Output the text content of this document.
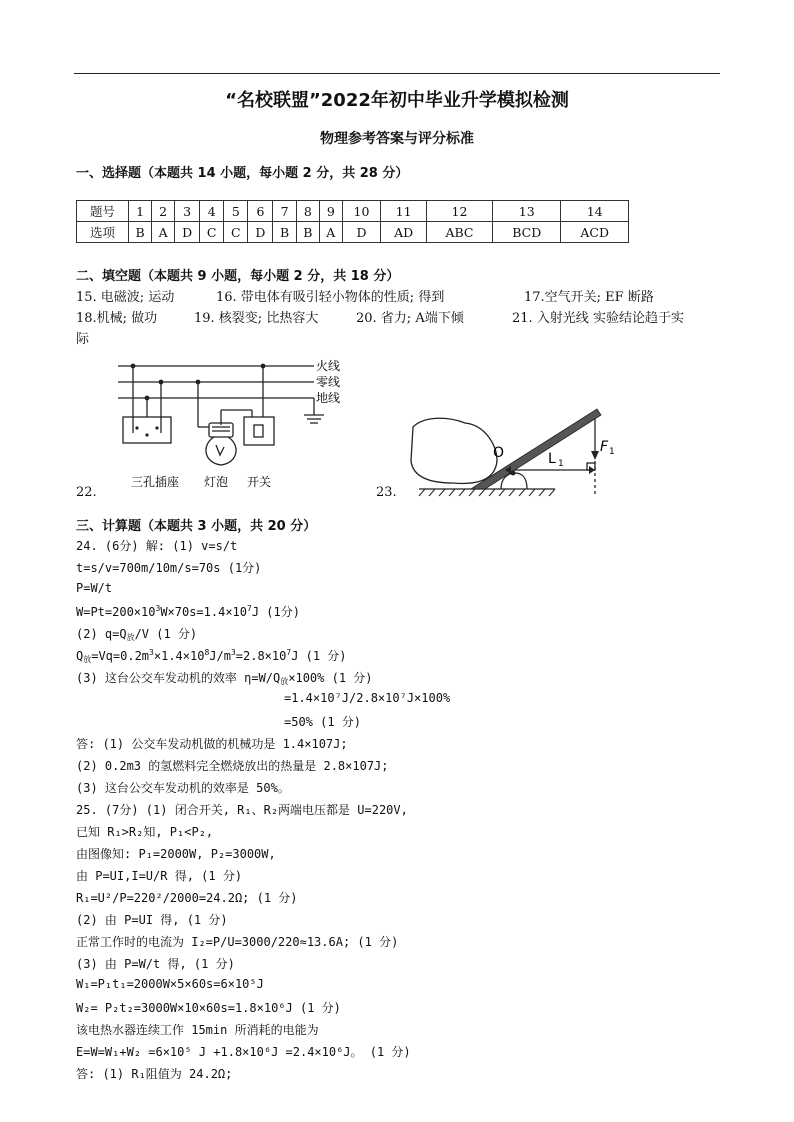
“名校联盟”2022年初中毕业升学模拟检测
物理参考答案与评分标准
一、选择题（本题共 14 小题，每小题 2 分，共 28 分）
题号	1	2	3	4	5	6	7	8	9	10	11	12	13	14
选项	B	A	D	C	C	D	B	B	A	D	AD	ABC	BCD	ACD
二、填空题（本题共 9 小题，每小题 2 分，共 18 分）
15. 电磁波; 运动	16. 带电体有吸引轻小物体的性质; 得到	17.空气开关; EF 断路
18.机械; 做功	19. 核裂变; 比热容大	20. 省力; A端下倾	21. 入射光线 实验结论趋于实
际
火线
零线
地线
三孔插座 灯泡 开关
22.
O	L 1
F 1
23.
三、计算题（本题共 3 小题，共 20 分）
24. (6分) 解: (1) v=s/t
t=s/v=700m/10m/s=70s (1分)
P=W/t
$W=Pt=200\times 10^3W\times 70s=1.4\times 10^7J$ (1分)
(2) $q=Q_放/V$ (1 分)
$Q_放=Vq=0.2m^3\times 1.4\times 10^8J/m^3=2.8\times 10^7J$ (1 分)
(3) 这台公交车发动机的效率 $\eta=W/Q_放\times 100\%$ (1 分)
=1.4×10⁷J/2.8×10⁷J×100%
=50% (1 分)
答: (1) 公交车发动机做的机械功是 1.4×107J;
(2) 0.2m3 的氢燃料完全燃烧放出的热量是 2.8×107J;
(3) 这台公交车发动机的效率是 50%。
25. (7分) (1) 闭合开关, R₁、R₂两端电压都是 U=220V,
已知 R₁>R₂知, P₁<P₂,
由图像知: P₁=2000W, P₂=3000W,
由 P=UI,I=U/R 得, (1 分)
R₁=U²/P=220²/2000=24.2Ω; (1 分)
(2) 由 P=UI 得, (1 分)
正常工作时的电流为 I₂=P/U=3000/220≈13.6A; (1 分)
(3) 由 P=W/t 得, (1 分)
W₁=P₁t₁=2000W×5×60s=6×10⁵J
W₂= P₂t₂=3000W×10×60s=1.8×10⁶J (1 分)
该电热水器连续工作 15min 所消耗的电能为
E=W=W₁+W₂ =6×10⁵ J +1.8×10⁶J =2.4×10⁶J。 (1 分)
答: (1) R₁阻值为 24.2Ω;
